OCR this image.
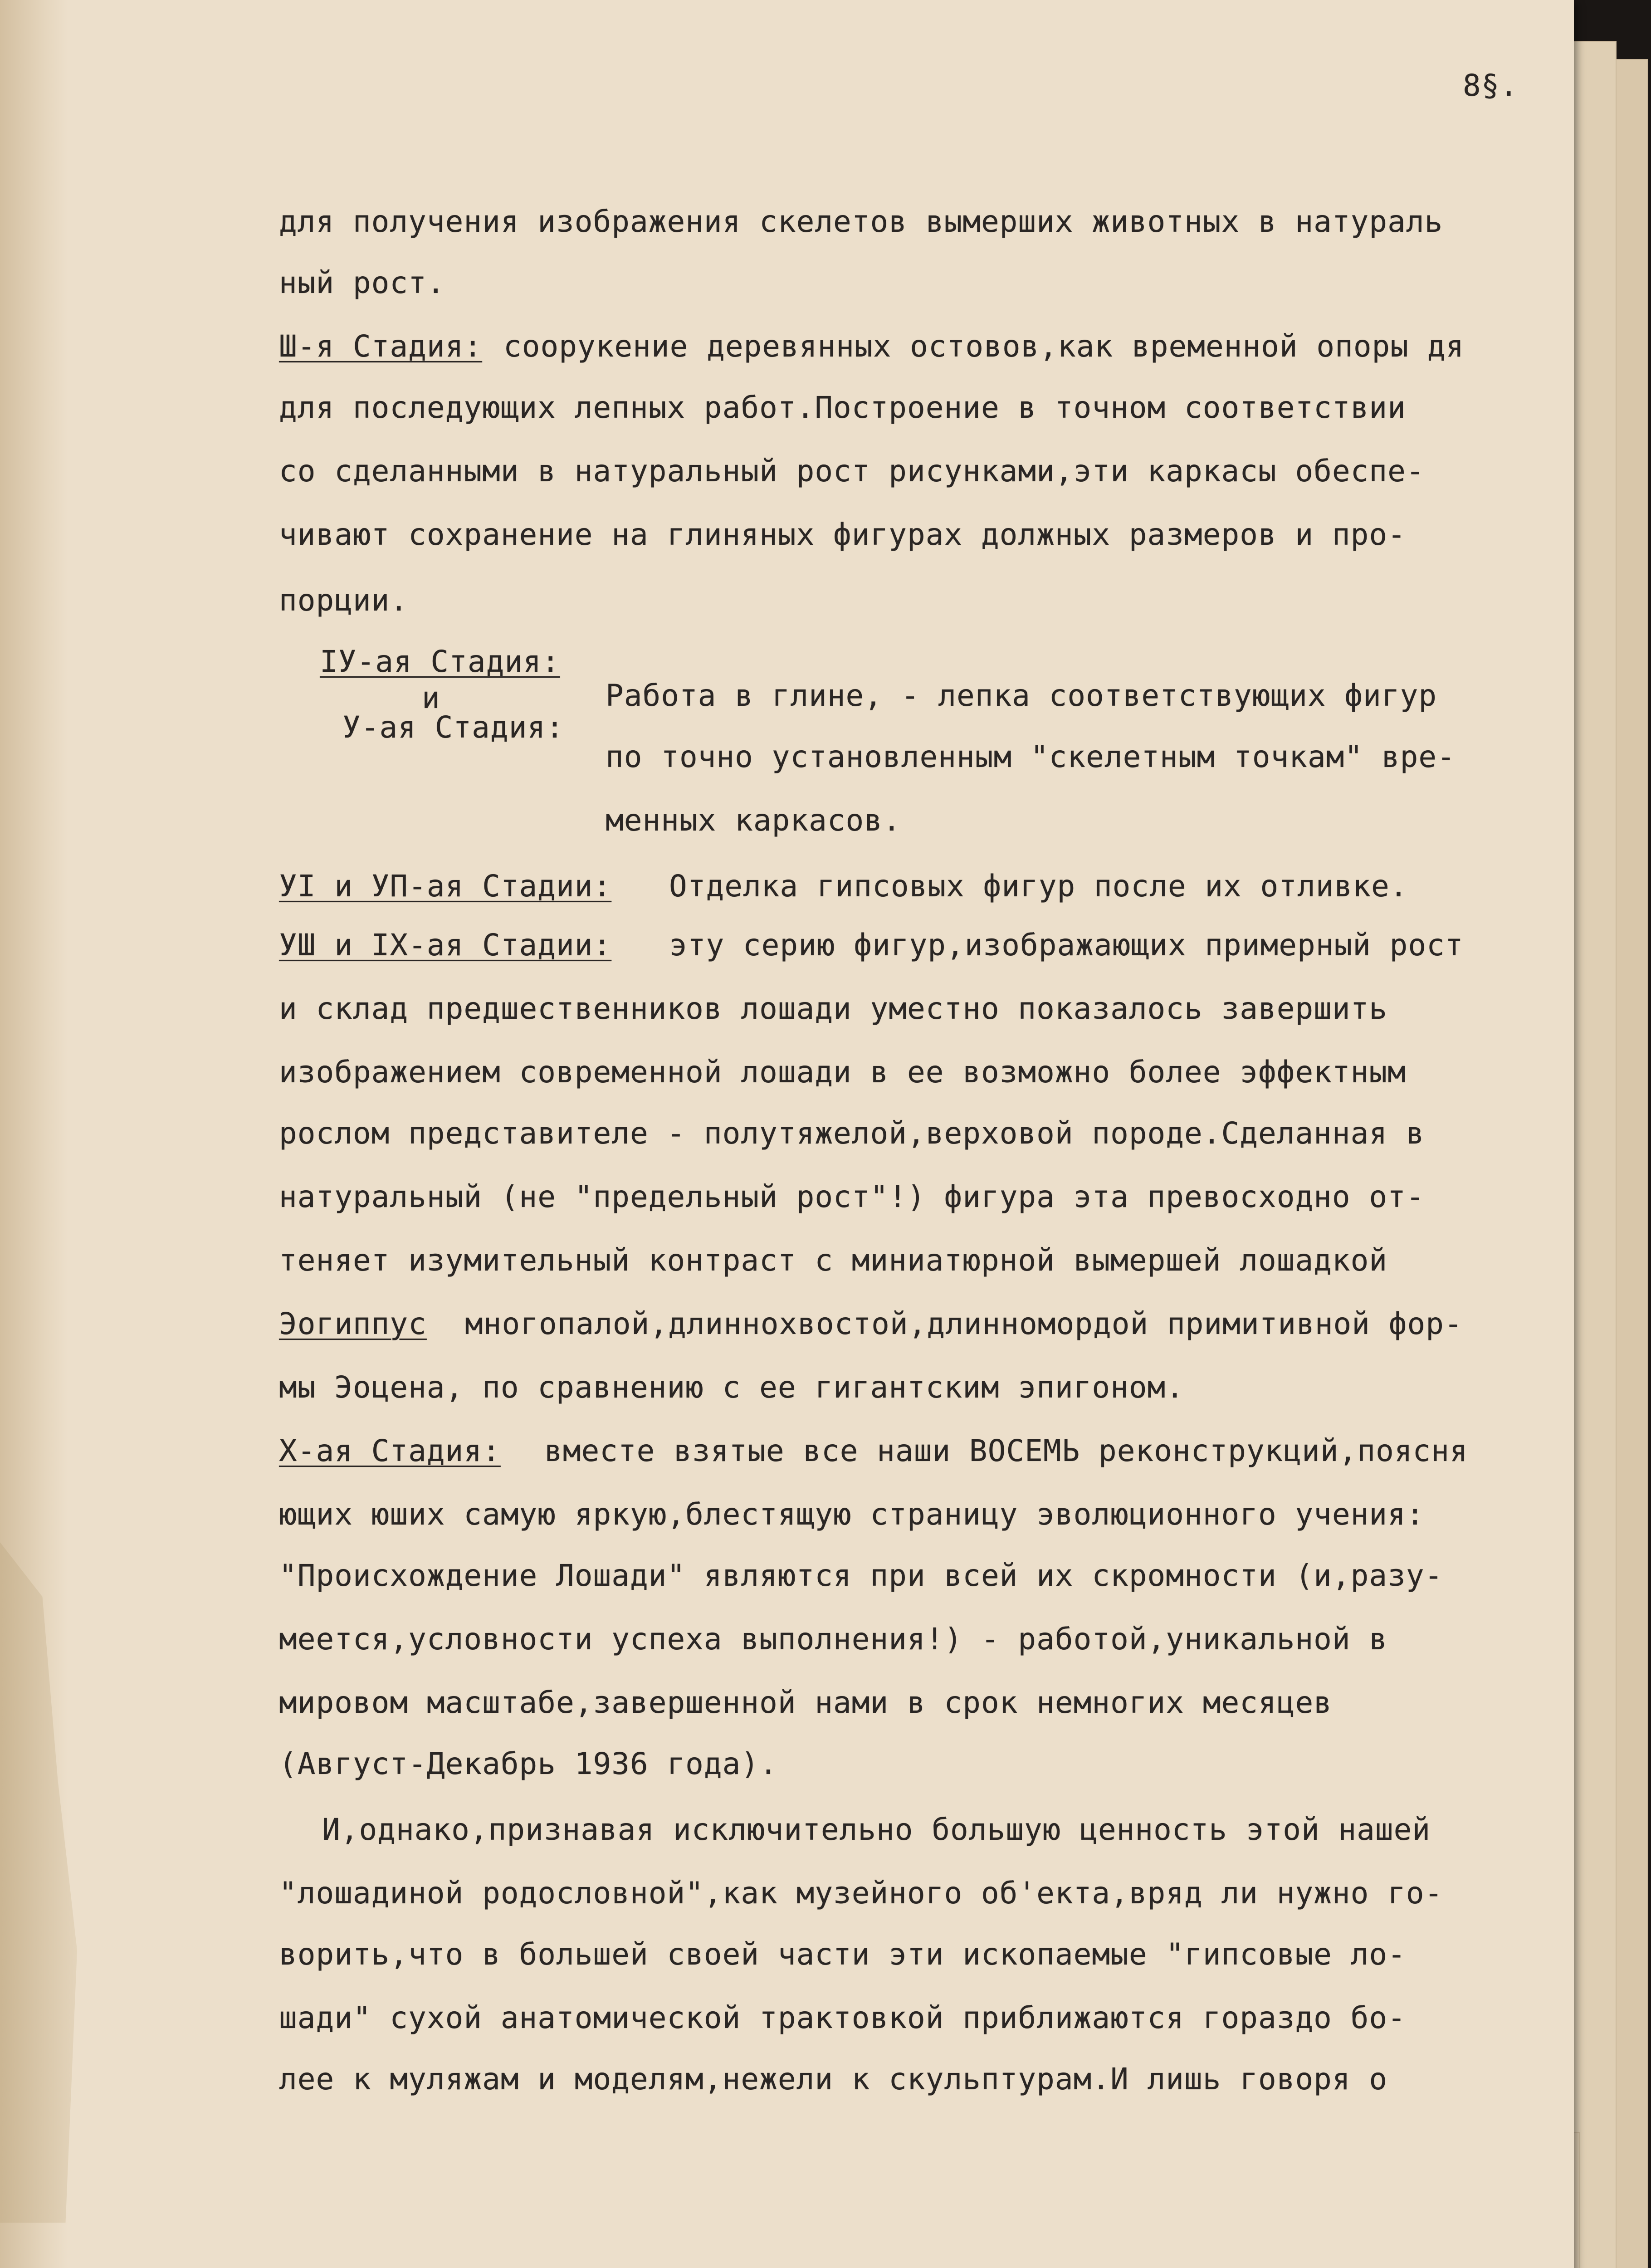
8§.
для получения изображения скелетов вымерших животных в натураль
ный рост.
Ш-я Стадия: соорукение деревянных остовов,как временной опоры дя
для последующих лепных работ.Построение в точном соответствии
со сделанными в натуральный рост рисунками,эти каркасы обеспе-
чивают сохранение на глиняных фигурах должных размеров и про-
порции.
IУ-ая Стадия:
и
У-ая Стадия:
Работа в глине, - лепка соответствующих фигур
по точно установленным "скелетным точкам" вре-
менных каркасов.
УI и УП-ая Стадии: Отделка гипсовых фигур после их отливке.
УШ и IX-ая Стадии: эту серию фигур,изображающих примерный рост
и склад предшественников лошади уместно показалось завершить
изображением современной лошади в ее возможно более эффектным
рослом представителе - полутяжелой,верховой породе.Сделанная в
натуральный (не "предельный рост"!) фигура эта превосходно от-
теняет изумительный контраст с миниатюрной вымершей лошадкой
Эогиппус многопалой,длиннохвостой,длинномордой примитивной фор-
мы Эоцена, по сравнению с ее гигантским эпигоном.
Х-ая Стадия: вместе взятые все наши ВОСЕМЬ реконструкций,поясня
ющих юших самую яркую,блестящую страницу эволюционного учения:
"Происхождение Лошади" являются при всей их скромности (и,разу-
меется,условности успеха выполнения!) - работой,уникальной в
мировом масштабе,завершенной нами в срок немногих месяцев
(Август-Декабрь 1936 года).
И,однако,признавая исключительно большую ценность этой нашей
"лошадиной родословной",как музейного об'екта,вряд ли нужно го-
ворить,что в большей своей части эти ископаемые "гипсовые ло-
шади" сухой анатомической трактовкой приближаются гораздо бо-
лее к муляжам и моделям,нежели к скульптурам.И лишь говоря о
